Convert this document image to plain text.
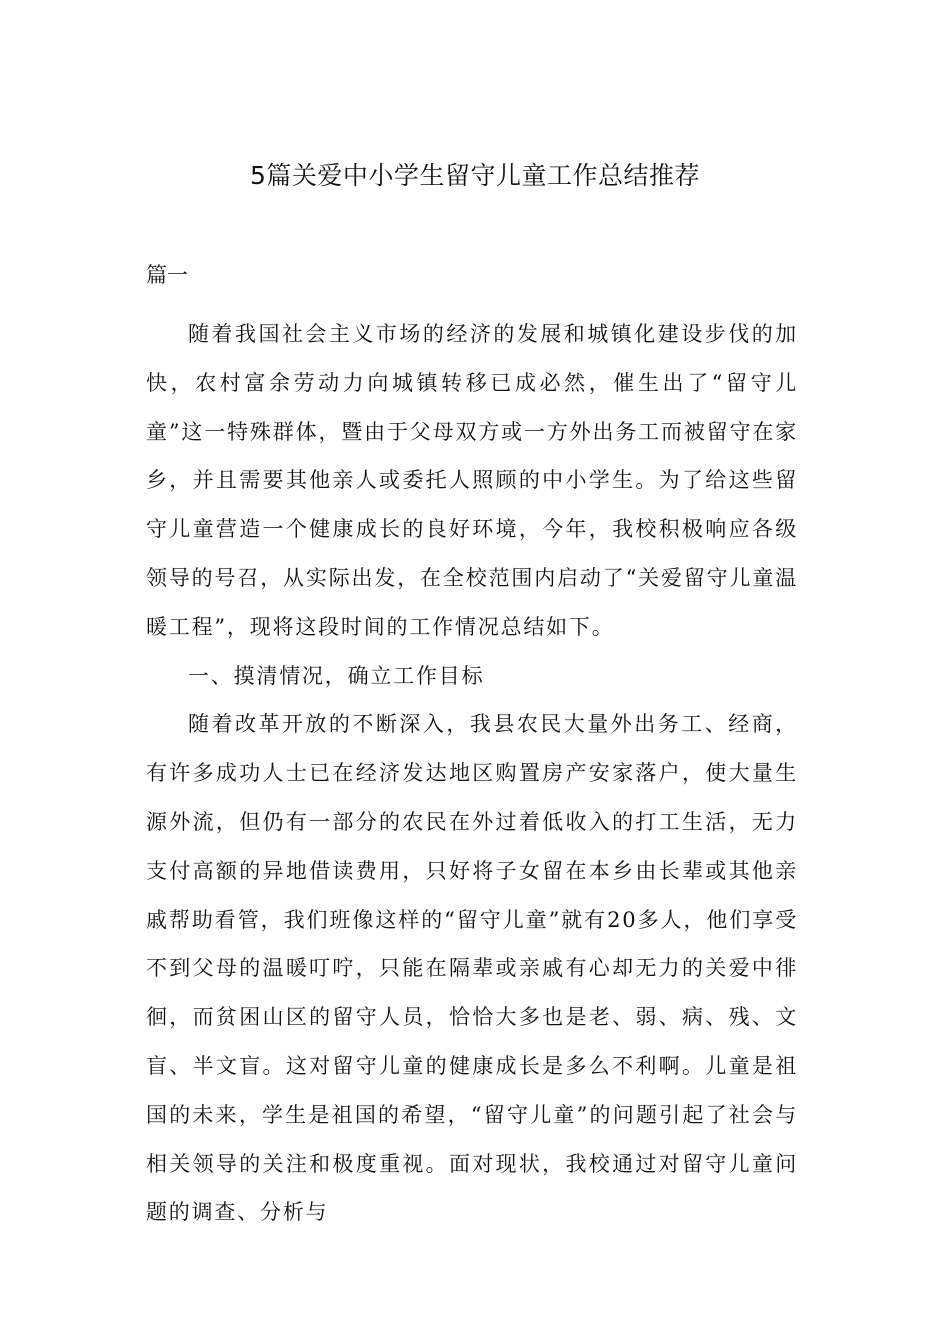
5篇关爱中小学生留守儿童工作总结推荐
篇一

随着我国社会主义市场的经济的发展和城镇化建设步伐的加快，农村富余劳动力向城镇转移已成必然，催生出了“留守儿童”这一特殊群体，暨由于父母双方或一方外出务工而被留守在家乡，并且需要其他亲人或委托人照顾的中小学生。为了给这些留守儿童营造一个健康成长的良好环境，今年，我校积极响应各级领导的号召，从实际出发，在全校范围内启动了“关爱留守儿童温暖工程”，现将这段时间的工作情况总结如下。

一、摸清情况，确立工作目标

随着改革开放的不断深入，我县农民大量外出务工、经商，有许多成功人士已在经济发达地区购置房产安家落户，使大量生源外流，但仍有一部分的农民在外过着低收入的打工生活，无力支付高额的异地借读费用，只好将子女留在本乡由长辈或其他亲戚帮助看管，我们班像这样的“留守儿童”就有20多人，他们享受不到父母的温暖叮咛，只能在隔辈或亲戚有心却无力的关爱中徘徊，而贫困山区的留守人员，恰恰大多也是老、弱、病、残、文盲、半文盲。这对留守儿童的健康成长是多么不利啊。儿童是祖国的未来，学生是祖国的希望，“留守儿童”的问题引起了社会与相关领导的关注和极度重视。面对现状，我校通过对留守儿童问题的调查、分析与
